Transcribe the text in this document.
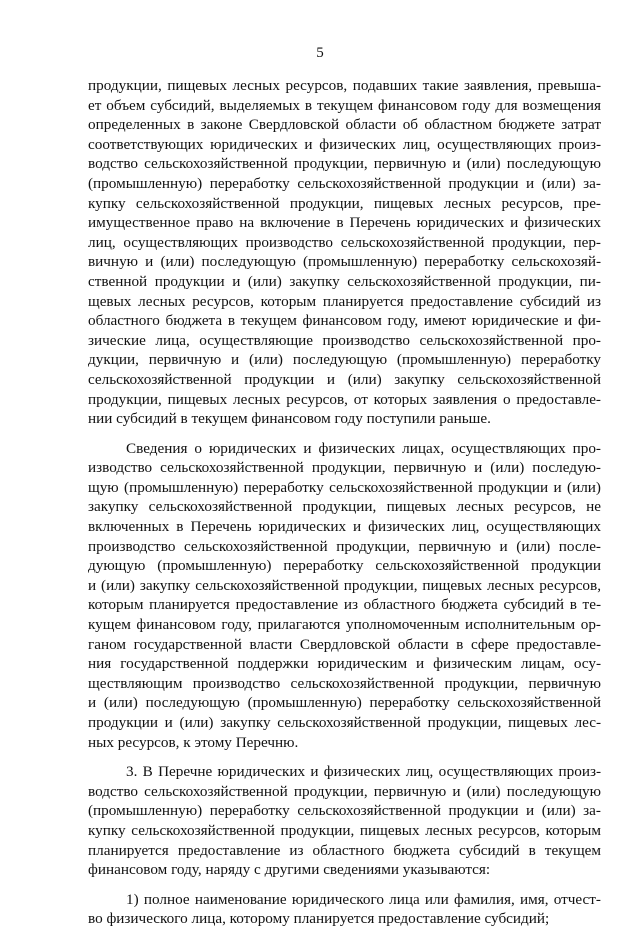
5
продукции, пищевых лесных ресурсов, подавших такие заявления, превыша-
ет объем субсидий, выделяемых в текущем финансовом году для возмещения
определенных в законе Свердловской области об областном бюджете затрат
соответствующих юридических и физических лиц, осуществляющих произ-
водство сельскохозяйственной продукции, первичную и (или) последующую
(промышленную) переработку сельскохозяйственной продукции и (или) за-
купку сельскохозяйственной продукции, пищевых лесных ресурсов, пре-
имущественное право на включение в Перечень юридических и физических
лиц, осуществляющих производство сельскохозяйственной продукции, пер-
вичную и (или) последующую (промышленную) переработку сельскохозяй-
ственной продукции и (или) закупку сельскохозяйственной продукции, пи-
щевых лесных ресурсов, которым планируется предоставление субсидий из
областного бюджета в текущем финансовом году, имеют юридические и фи-
зические лица, осуществляющие производство сельскохозяйственной про-
дукции, первичную и (или) последующую (промышленную) переработку
сельскохозяйственной продукции и (или) закупку сельскохозяйственной
продукции, пищевых лесных ресурсов, от которых заявления о предоставле-
нии субсидий в текущем финансовом году поступили раньше.
Сведения о юридических и физических лицах, осуществляющих про-
изводство сельскохозяйственной продукции, первичную и (или) последую-
щую (промышленную) переработку сельскохозяйственной продукции и (или)
закупку сельскохозяйственной продукции, пищевых лесных ресурсов, не
включенных в Перечень юридических и физических лиц, осуществляющих
производство сельскохозяйственной продукции, первичную и (или) после-
дующую (промышленную) переработку сельскохозяйственной продукции
и (или) закупку сельскохозяйственной продукции, пищевых лесных ресурсов,
которым планируется предоставление из областного бюджета субсидий в те-
кущем финансовом году, прилагаются уполномоченным исполнительным ор-
ганом государственной власти Свердловской области в сфере предоставле-
ния государственной поддержки юридическим и физическим лицам, осу-
ществляющим производство сельскохозяйственной продукции, первичную
и (или) последующую (промышленную) переработку сельскохозяйственной
продукции и (или) закупку сельскохозяйственной продукции, пищевых лес-
ных ресурсов, к этому Перечню.
3. В Перечне юридических и физических лиц, осуществляющих произ-
водство сельскохозяйственной продукции, первичную и (или) последующую
(промышленную) переработку сельскохозяйственной продукции и (или) за-
купку сельскохозяйственной продукции, пищевых лесных ресурсов, которым
планируется предоставление из областного бюджета субсидий в текущем
финансовом году, наряду с другими сведениями указываются:
1) полное наименование юридического лица или фамилия, имя, отчест-
во физического лица, которому планируется предоставление субсидий;
